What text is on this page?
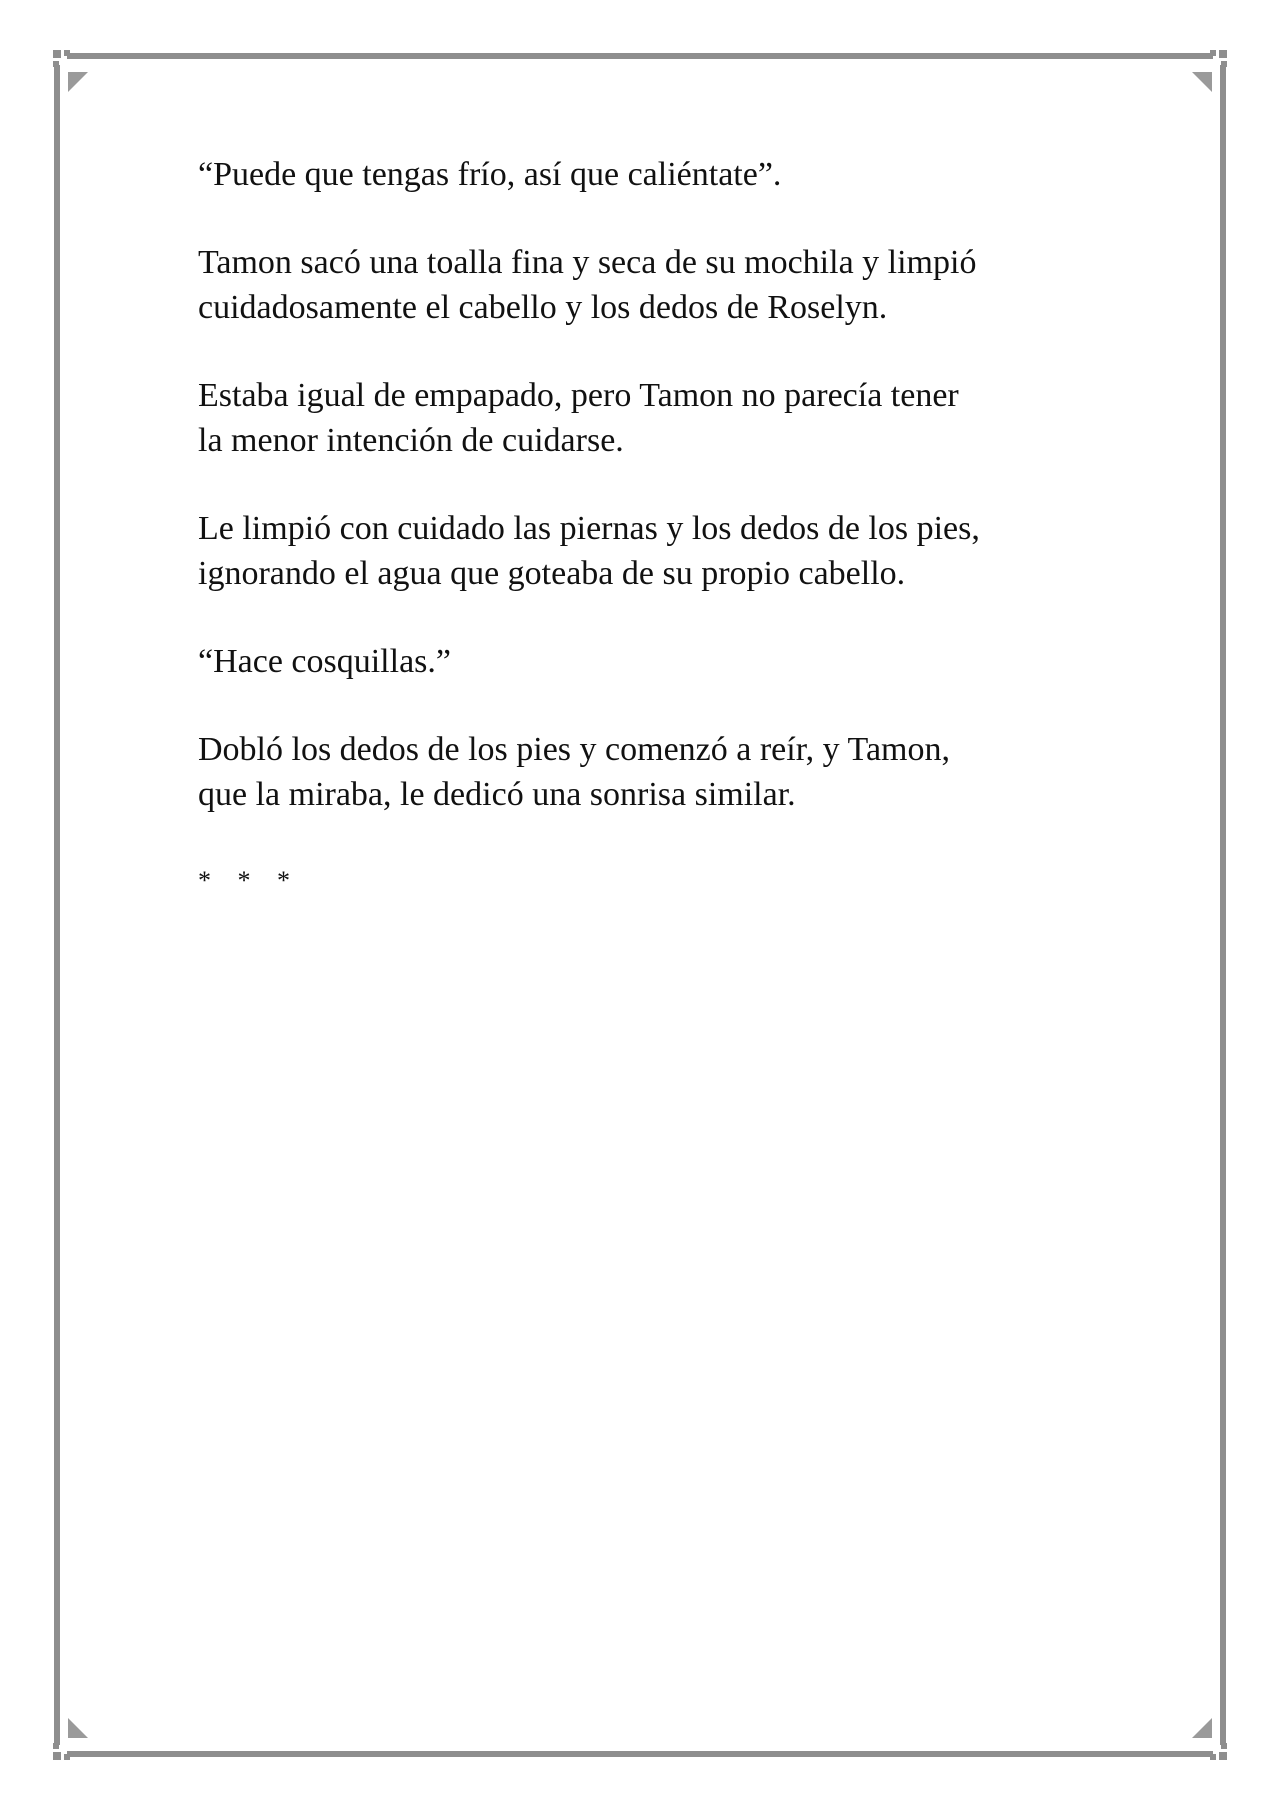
“Puede que tengas frío, así que caliéntate”.

Tamon sacó una toalla fina y seca de su mochila y limpió
cuidadosamente el cabello y los dedos de Roselyn.

Estaba igual de empapado, pero Tamon no parecía tener
la menor intención de cuidarse.

Le limpió con cuidado las piernas y los dedos de los pies,
ignorando el agua que goteaba de su propio cabello.

“Hace cosquillas.”

Dobló los dedos de los pies y comenzó a reír, y Tamon,
que la miraba, le dedicó una sonrisa similar.

* * *
